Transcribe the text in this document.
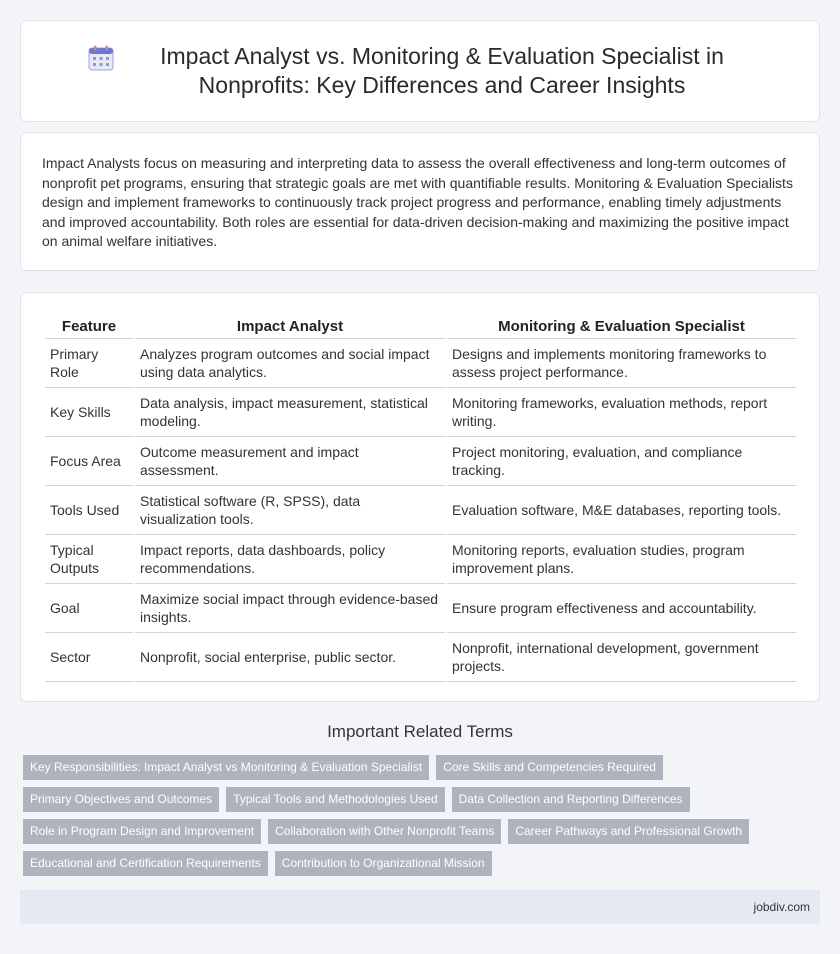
Impact Analyst vs. Monitoring & Evaluation Specialist in Nonprofits: Key Differences and Career Insights

Impact Analysts focus on measuring and interpreting data to assess the overall effectiveness and long-term outcomes of nonprofit pet programs, ensuring that strategic goals are met with quantifiable results. Monitoring & Evaluation Specialists design and implement frameworks to continuously track project progress and performance, enabling timely adjustments and improved accountability. Both roles are essential for data-driven decision-making and maximizing the positive impact on animal welfare initiatives.

Feature	Impact Analyst	Monitoring & Evaluation Specialist
Primary Role	Analyzes program outcomes and social impact using data analytics.	Designs and implements monitoring frameworks to assess project performance.
Key Skills	Data analysis, impact measurement, statistical modeling.	Monitoring frameworks, evaluation methods, report writing.
Focus Area	Outcome measurement and impact assessment.	Project monitoring, evaluation, and compliance tracking.
Tools Used	Statistical software (R, SPSS), data visualization tools.	Evaluation software, M&E databases, reporting tools.
Typical Outputs	Impact reports, data dashboards, policy recommendations.	Monitoring reports, evaluation studies, program improvement plans.
Goal	Maximize social impact through evidence-based insights.	Ensure program effectiveness and accountability.
Sector	Nonprofit, social enterprise, public sector.	Nonprofit, international development, government projects.
Important Related Terms
Key Responsibilities: Impact Analyst vs Monitoring & Evaluation Specialist	Core Skills and Competencies Required
Primary Objectives and Outcomes	Typical Tools and Methodologies Used	Data Collection and Reporting Differences
Role in Program Design and Improvement	Collaboration with Other Nonprofit Teams	Career Pathways and Professional Growth
Educational and Certification Requirements	Contribution to Organizational Mission
jobdiv.com
